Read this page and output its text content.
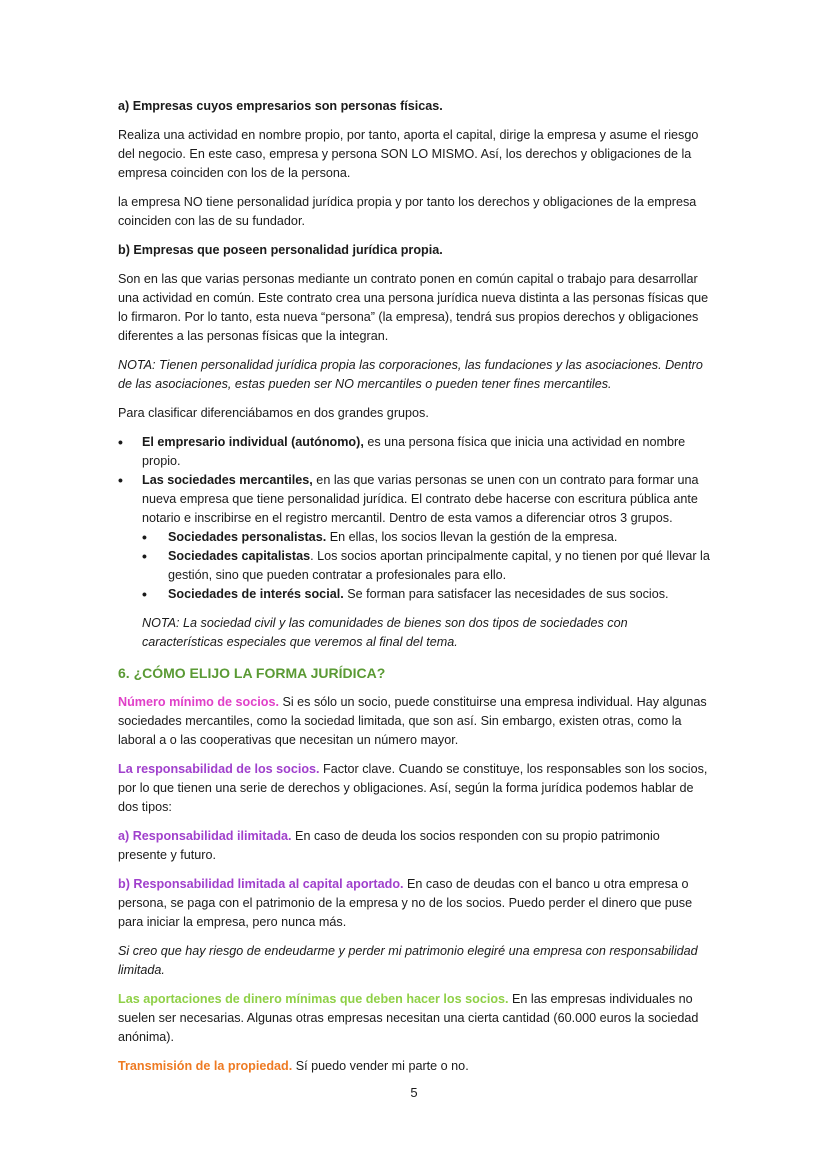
a) Empresas cuyos empresarios son personas físicas.

Realiza una actividad en nombre propio, por tanto, aporta el capital, dirige la empresa y asume el riesgo del negocio. En este caso, empresa y persona SON LO MISMO. Así, los derechos y obligaciones de la empresa coinciden con los de la persona.

la empresa NO tiene personalidad jurídica propia y por tanto los derechos y obligaciones de la empresa coinciden con las de su fundador.

b) Empresas que poseen personalidad jurídica propia.

Son en las que varias personas mediante un contrato ponen en común capital o trabajo para desarrollar una actividad en común. Este contrato crea una persona jurídica nueva distinta a las personas físicas que lo firmaron. Por lo tanto, esta nueva “persona” (la empresa), tendrá sus propios derechos y obligaciones diferentes a las personas físicas que la integran.

NOTA: Tienen personalidad jurídica propia las corporaciones, las fundaciones y las asociaciones. Dentro de las asociaciones, estas pueden ser NO mercantiles o pueden tener fines mercantiles.

Para clasificar diferenciábamos en dos grandes grupos.

• El empresario individual (autónomo), es una persona física que inicia una actividad en nombre propio.
• Las sociedades mercantiles, en las que varias personas se unen con un contrato para formar una nueva empresa que tiene personalidad jurídica. El contrato debe hacerse con escritura pública ante notario e inscribirse en el registro mercantil. Dentro de esta vamos a diferenciar otros 3 grupos.
• Sociedades personalistas. En ellas, los socios llevan la gestión de la empresa.
• Sociedades capitalistas. Los socios aportan principalmente capital, y no tienen por qué llevar la gestión, sino que pueden contratar a profesionales para ello.
• Sociedades de interés social. Se forman para satisfacer las necesidades de sus socios.

NOTA: La sociedad civil y las comunidades de bienes son dos tipos de sociedades con características especiales que veremos al final del tema.

6. ¿CÓMO ELIJO LA FORMA JURÍDICA?

Número mínimo de socios. Si es sólo un socio, puede constituirse una empresa individual. Hay algunas sociedades mercantiles, como la sociedad limitada, que son así. Sin embargo, existen otras, como la laboral a o las cooperativas que necesitan un número mayor.

La responsabilidad de los socios. Factor clave. Cuando se constituye, los responsables son los socios, por lo que tienen una serie de derechos y obligaciones. Así, según la forma jurídica podemos hablar de dos tipos:

a) Responsabilidad ilimitada. En caso de deuda los socios responden con su propio patrimonio presente y futuro.

b) Responsabilidad limitada al capital aportado. En caso de deudas con el banco u otra empresa o persona, se paga con el patrimonio de la empresa y no de los socios. Puedo perder el dinero que puse para iniciar la empresa, pero nunca más.

Si creo que hay riesgo de endeudarme y perder mi patrimonio elegiré una empresa con responsabilidad limitada.

Las aportaciones de dinero mínimas que deben hacer los socios. En las empresas individuales no suelen ser necesarias. Algunas otras empresas necesitan una cierta cantidad (60.000 euros la sociedad anónima).

Transmisión de la propiedad. Sí puedo vender mi parte o no.

5
